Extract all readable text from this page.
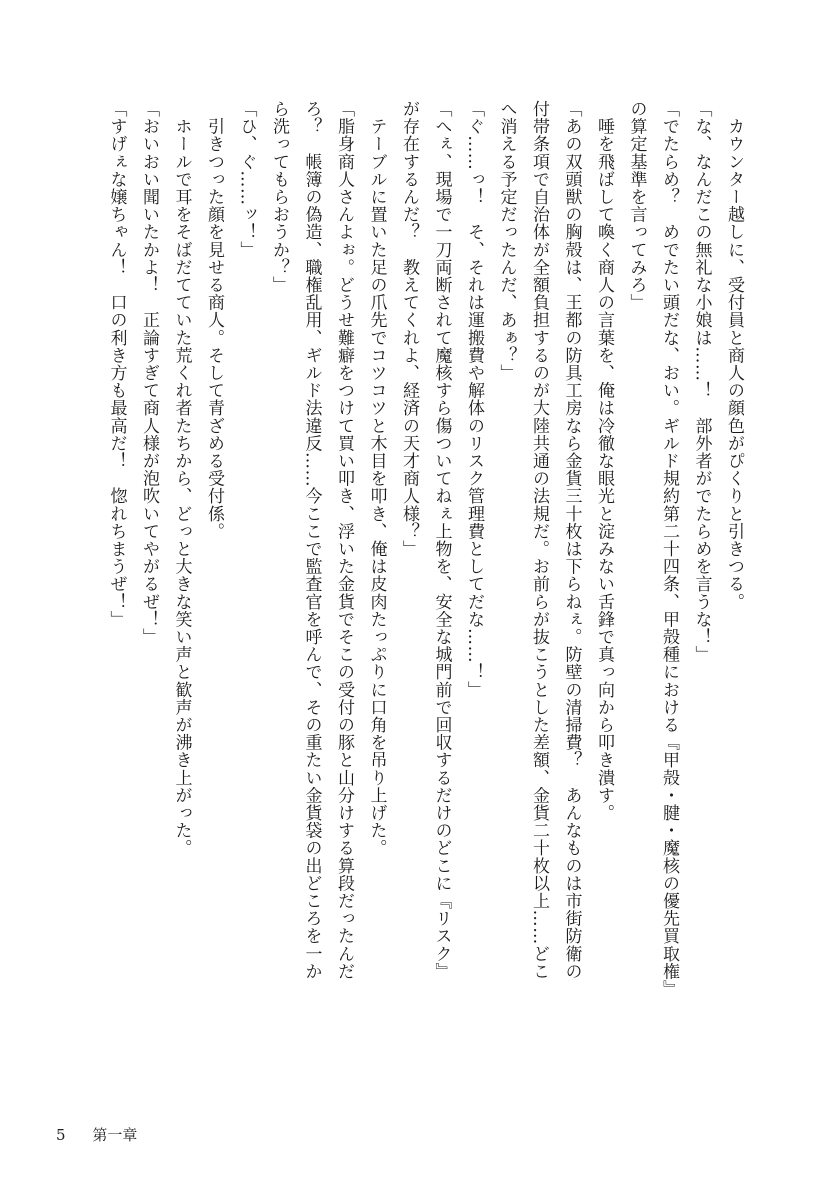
　カウンター越しに、受付員と商人の顔色がぴくりと引きつる。
「な、なんだこの無礼な小娘は……！　部外者がでたらめを言うな！」
「でたらめ？　めでたい頭だな、おい。ギルド規約第二十四条、甲殻種における『甲殻・腱・魔核の優先買取権』
の算定基準を言ってみろ」
　唾を飛ばして喚く商人の言葉を、俺は冷徹な眼光と淀みない舌鋒で真っ向から叩き潰す。
「あの双頭獣の胸殻は、王都の防具工房なら金貨三十枚は下らねぇ。防壁の清掃費？　あんなものは市街防衛の
付帯条項で自治体が全額負担するのが大陸共通の法規だ。お前らが抜こうとした差額、金貨二十枚以上……どこ
へ消える予定だったんだ、あぁ？」
「ぐ……っ！　そ、それは運搬費や解体のリスク管理費としてだな……！」
「へぇ、現場で一刀両断されて魔核すら傷ついてねぇ上物を、安全な城門前で回収するだけのどこに『リスク』
が存在するんだ？　教えてくれよ、経済の天才商人様？」
　テーブルに置いた足の爪先でコツコツと木目を叩き、俺は皮肉たっぷりに口角を吊り上げた。
「脂身商人さんよぉ。どうせ難癖をつけて買い叩き、浮いた金貨でそこの受付の豚と山分けする算段だったんだ
ろ？　帳簿の偽造、職権乱用、ギルド法違反……今ここで監査官を呼んで、その重たい金貨袋の出どころを一か
ら洗ってもらおうか？」
「ひ、ぐ……ッ！」
　引きつった顔を見せる商人。そして青ざめる受付係。
　ホールで耳をそばだてていた荒くれ者たちから、どっと大きな笑い声と歓声が沸き上がった。
「おいおい聞いたかよ！　正論すぎて商人様が泡吹いてやがるぜ！」
「すげぇな嬢ちゃん！　口の利き方も最高だ！　惚れちまうぜ！」
5 第一章
